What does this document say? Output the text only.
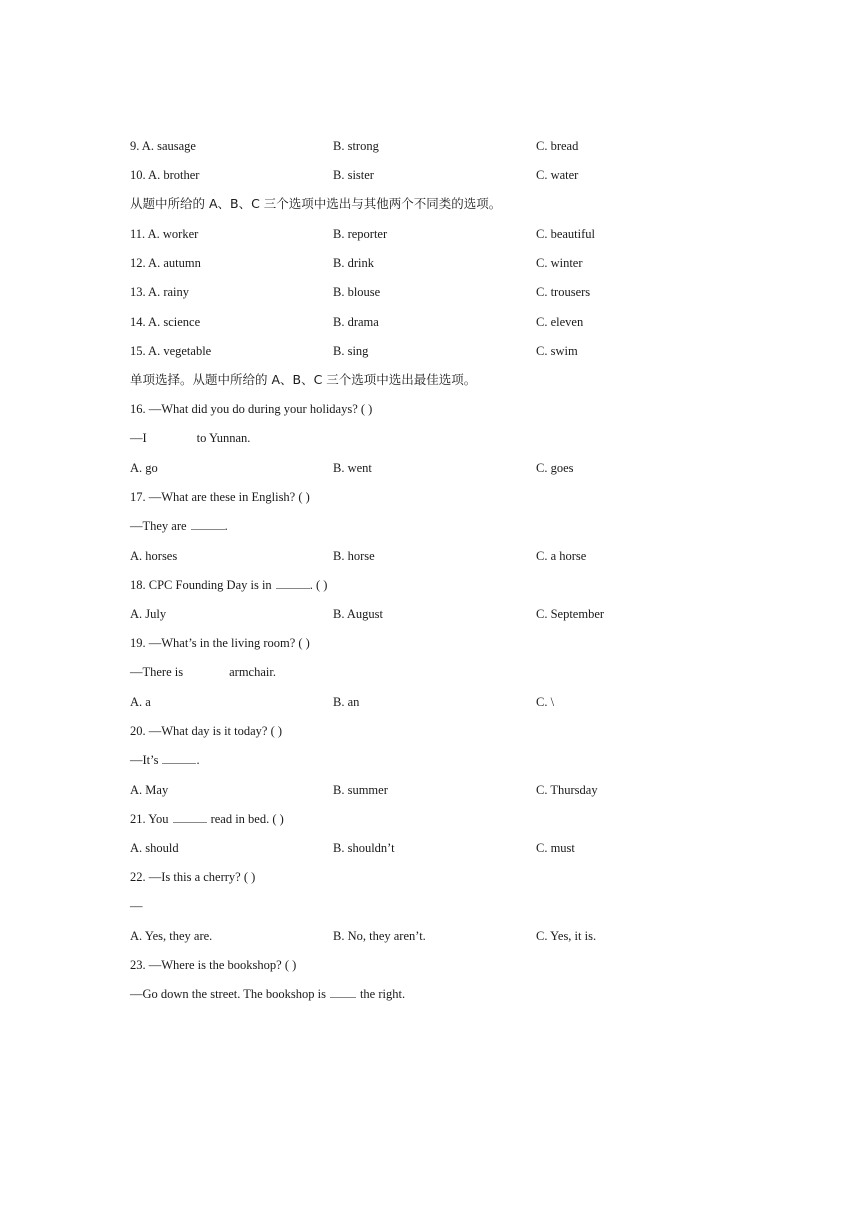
9. A. sausage	B. strong	C. bread
10. A. brother	B. sister	C. water
从题中所给的 A、B、C 三个选项中选出与其他两个不同类的选项。
11. A. worker	B. reporter	C. beautiful
12. A. autumn	B. drink	C. winter
13. A. rainy	B. blouse	C. trousers
14. A. science	B. drama	C. eleven
15. A. vegetable	B. sing	C. swim
单项选择。从题中所给的 A、B、C 三个选项中选出最佳选项。
16. —What did you do during your holidays? ( )
—I	to Yunnan.
A. go	B. went	C. goes
17. —What are these in English? ( )
—They are	.
A. horses	B. horse	C. a horse
18. CPC Founding Day is in	. ( )
A. July	B. August	C. September
19. —What’s in the living room? ( )
—There is	armchair.
A. a	B. an	C. \
20. —What day is it today? ( )
—It’s	.
A. May	B. summer	C. Thursday
21. You	read in bed. ( )
A. should	B. shouldn’t	C. must
22. —Is this a cherry? ( )
—
A. Yes, they are.	B. No, they aren’t.	C. Yes, it is.
23. —Where is the bookshop? ( )
—Go down the street. The bookshop is	the right.
